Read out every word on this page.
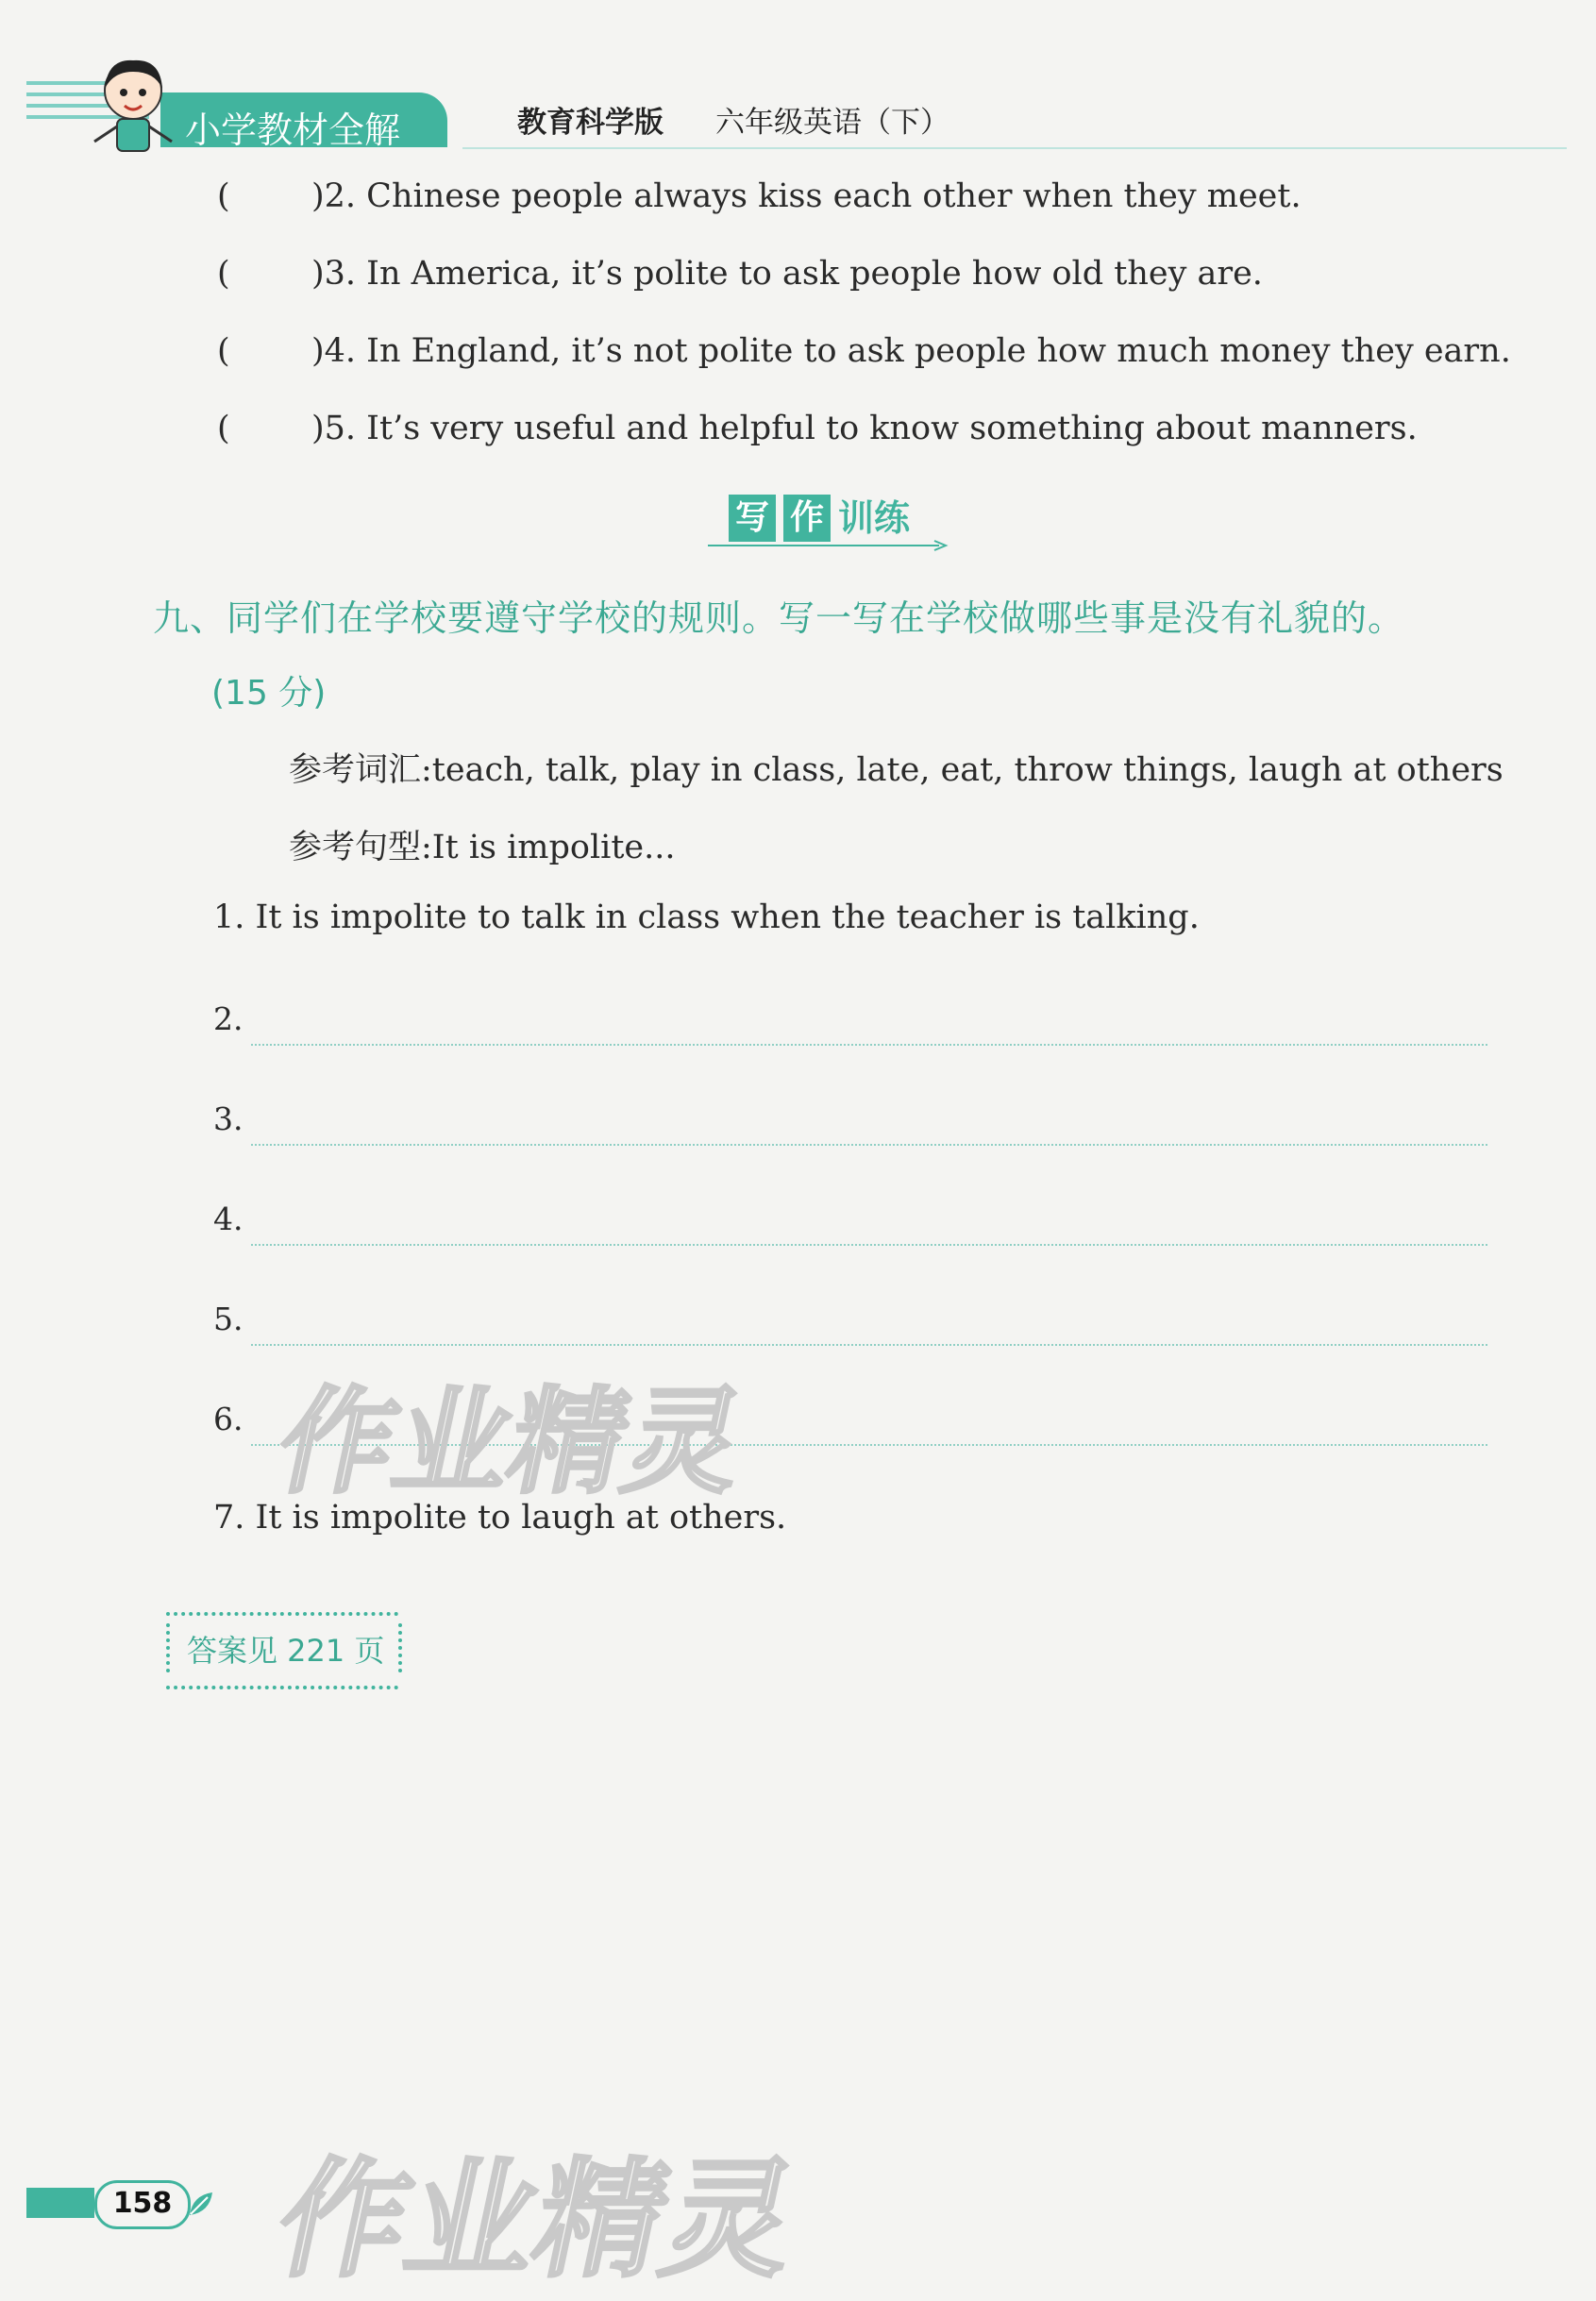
小学教材全解	教育科学版 六年级英语（下）
( )2. Chinese people always kiss each other when they meet.
( )3. In America, it’s polite to ask people how old they are.
( )4. In England, it’s not polite to ask people how much money they earn.
( )5. It’s very useful and helpful to know something about manners.
写 作 训练
九、同学们在学校要遵守学校的规则。写一写在学校做哪些事是没有礼貌的。
(15 分)
参考词汇:teach, talk, play in class, late, eat, throw things, laugh at others
参考句型:It is impolite...
1. It is impolite to talk in class when the teacher is talking.
2.
3.
4.
5.
6.
7. It is impolite to laugh at others.
答案见 221 页
作业精灵
作业精灵
158
